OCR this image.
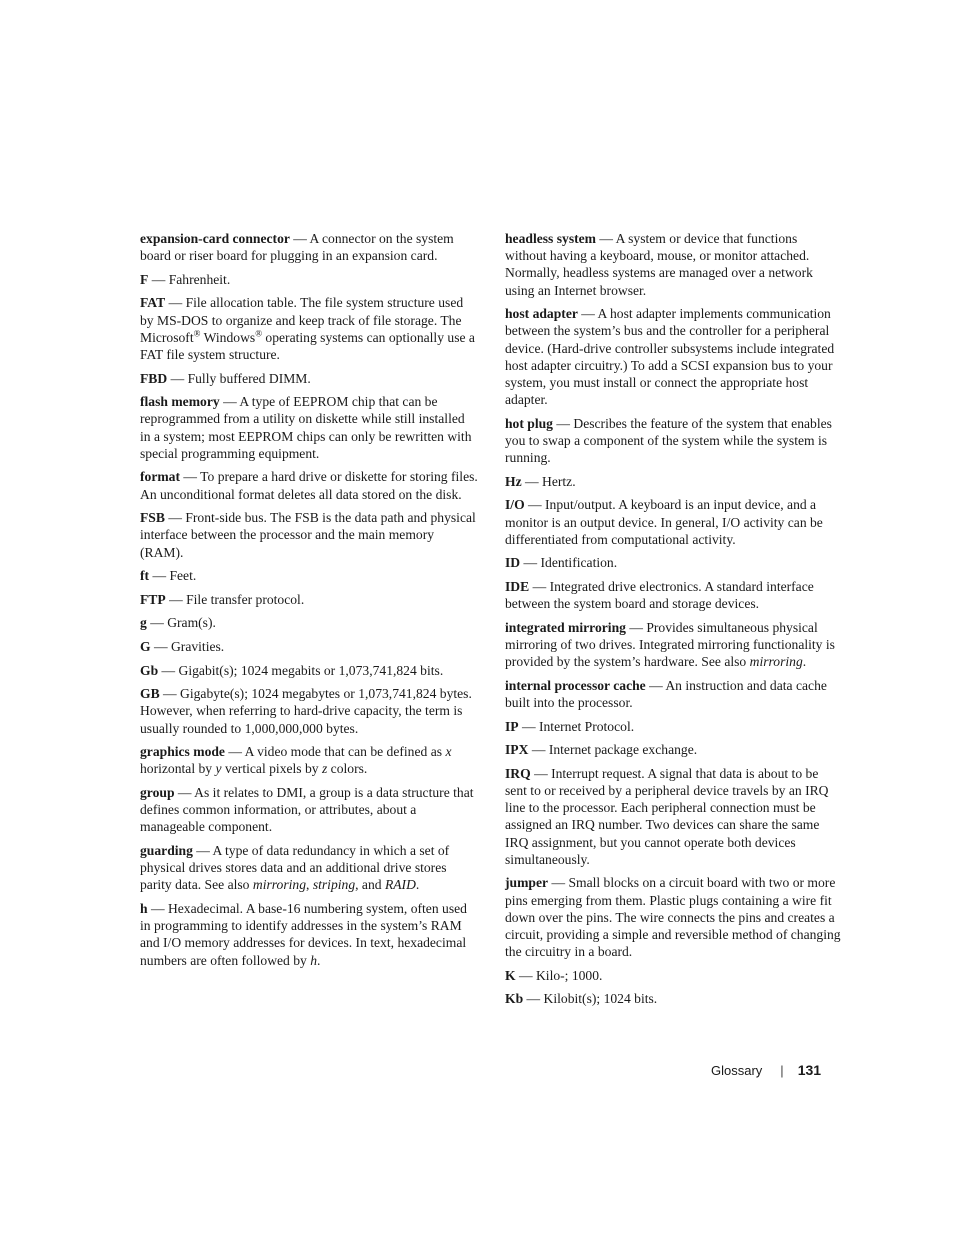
expansion-card connector — A connector on the system board or riser board for plugging in an expansion card.
F — Fahrenheit.
FAT — File allocation table. The file system structure used by MS-DOS to organize and keep track of file storage. The Microsoft® Windows® operating systems can optionally use a FAT file system structure.
FBD — Fully buffered DIMM.
flash memory — A type of EEPROM chip that can be reprogrammed from a utility on diskette while still installed in a system; most EEPROM chips can only be rewritten with special programming equipment.
format — To prepare a hard drive or diskette for storing files. An unconditional format deletes all data stored on the disk.
FSB — Front-side bus. The FSB is the data path and physical interface between the processor and the main memory (RAM).
ft — Feet.
FTP — File transfer protocol.
g — Gram(s).
G — Gravities.
Gb — Gigabit(s); 1024 megabits or 1,073,741,824 bits.
GB — Gigabyte(s); 1024 megabytes or 1,073,741,824 bytes. However, when referring to hard-drive capacity, the term is usually rounded to 1,000,000,000 bytes.
graphics mode — A video mode that can be defined as x horizontal by y vertical pixels by z colors.
group — As it relates to DMI, a group is a data structure that defines common information, or attributes, about a manageable component.
guarding — A type of data redundancy in which a set of physical drives stores data and an additional drive stores parity data. See also mirroring, striping, and RAID.
h — Hexadecimal. A base-16 numbering system, often used in programming to identify addresses in the system’s RAM and I/O memory addresses for devices. In text, hexadecimal numbers are often followed by h.
headless system — A system or device that functions without having a keyboard, mouse, or monitor attached. Normally, headless systems are managed over a network using an Internet browser.
host adapter — A host adapter implements communication between the system’s bus and the controller for a peripheral device. (Hard-drive controller subsystems include integrated host adapter circuitry.) To add a SCSI expansion bus to your system, you must install or connect the appropriate host adapter.
hot plug — Describes the feature of the system that enables you to swap a component of the system while the system is running.
Hz — Hertz.
I/O — Input/output. A keyboard is an input device, and a monitor is an output device. In general, I/O activity can be differentiated from computational activity.
ID — Identification.
IDE — Integrated drive electronics. A standard interface between the system board and storage devices.
integrated mirroring — Provides simultaneous physical mirroring of two drives. Integrated mirroring functionality is provided by the system’s hardware. See also mirroring.
internal processor cache — An instruction and data cache built into the processor.
IP — Internet Protocol.
IPX — Internet package exchange.
IRQ — Interrupt request. A signal that data is about to be sent to or received by a peripheral device travels by an IRQ line to the processor. Each peripheral connection must be assigned an IRQ number. Two devices can share the same IRQ assignment, but you cannot operate both devices simultaneously.
jumper — Small blocks on a circuit board with two or more pins emerging from them. Plastic plugs containing a wire fit down over the pins. The wire connects the pins and creates a circuit, providing a simple and reversible method of changing the circuitry in a board.
K — Kilo-; 1000.
Kb — Kilobit(s); 1024 bits.
Glossary | 131
